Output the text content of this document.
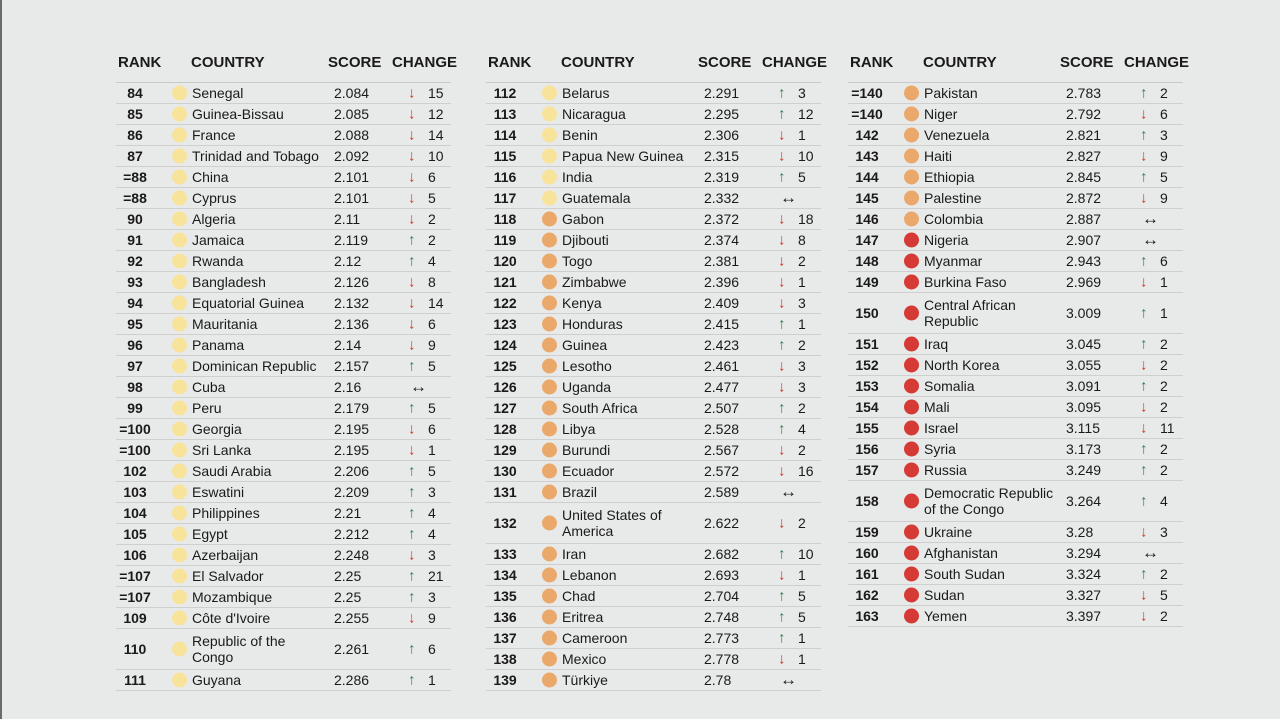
RANK COUNTRY	SCORE CHANGE
84	Senegal	2.084	↓ 15
85	Guinea-Bissau	2.085	↓ 12
86	France	2.088	↓ 14
87	Trinidad and Tobago 2.092	↓ 10
=88	China	2.101	↓ 6
=88	Cyprus	2.101	↓ 5
90	Algeria	2.11	↓ 2
91	Jamaica	2.119	↑ 2
92	Rwanda	2.12	↑ 4
93	Bangladesh	2.126	↓ 8
94	Equatorial Guinea 2.132	↓ 14
95	Mauritania	2.136	↓ 6
96	Panama	2.14	↓ 9
97	Dominican Republic 2.157	↑ 5
98	Cuba	2.16	↔
99	Peru	2.179	↑ 5
=100	Georgia	2.195	↓ 6
=100	Sri Lanka	2.195	↓ 1
102	Saudi Arabia	2.206	↑ 5
103	Eswatini	2.209	↑ 3
104	Philippines	2.21	↑ 4
105	Egypt	2.212	↑ 4
106	Azerbaijan	2.248	↓ 3
=107	El Salvador	2.25	↑ 21
=107	Mozambique	2.25	↑ 3
109	Côte d'Ivoire	2.255	↓ 9
110	Republic of the Congo	2.261	↑ 6
111	Guyana	2.286	↑ 1
RANK COUNTRY	SCORE CHANGE
112	Belarus	2.291	↑ 3
113	Nicaragua	2.295	↑ 12
114	Benin	2.306	↓ 1
115	Papua New Guinea 2.315	↓ 10
116	India	2.319	↑ 5
117	Guatemala	2.332 ↔
118	Gabon	2.372	↓ 18
119	Djibouti	2.374	↓ 8
120	Togo	2.381	↓ 2
121	Zimbabwe	2.396	↓ 1
122	Kenya	2.409	↓ 3
123	Honduras	2.415	↑ 1
124	Guinea	2.423	↑ 2
125	Lesotho	2.461	↓ 3
126	Uganda	2.477	↓ 3
127	South Africa	2.507	↑ 2
128	Libya	2.528	↑ 4
129	Burundi	2.567	↓ 2
130	Ecuador	2.572	↓ 16
131	Brazil	2.589 ↔
132	United States of America	2.622	↓ 2
133	Iran	2.682	↑ 10
134	Lebanon	2.693	↓ 1
135	Chad	2.704	↑ 5
136	Eritrea	2.748	↑ 5
137	Cameroon	2.773	↑ 1
138	Mexico	2.778	↓ 1
139	Türkiye	2.78	↔
RANK COUNTRY	SCORE CHANGE
=140	Pakistan	2.783	↑ 2
=140	Niger	2.792	↓ 6
142	Venezuela	2.821	↑ 3
143	Haiti	2.827	↓ 9
144	Ethiopia	2.845	↑ 5
145	Palestine	2.872	↓ 9
146	Colombia	2.887 ↔
147	Nigeria	2.907 ↔
148	Myanmar	2.943	↑ 6
149	Burkina Faso	2.969	↓ 1
150	Central African Republic	3.009	↑ 1
151	Iraq	3.045	↑ 2
152	North Korea	3.055	↓ 2
153	Somalia	3.091	↑ 2
154	Mali	3.095	↓ 2
155	Israel	3.115	↓ 11
156	Syria	3.173	↑ 2
157	Russia	3.249	↑ 2
158	Democratic Republic of the Congo	3.264	↑ 4
159	Ukraine	3.28	↓ 3
160	Afghanistan	3.294 ↔
161	South Sudan	3.324	↑ 2
162	Sudan	3.327	↓ 5
163	Yemen	3.397	↓ 2
